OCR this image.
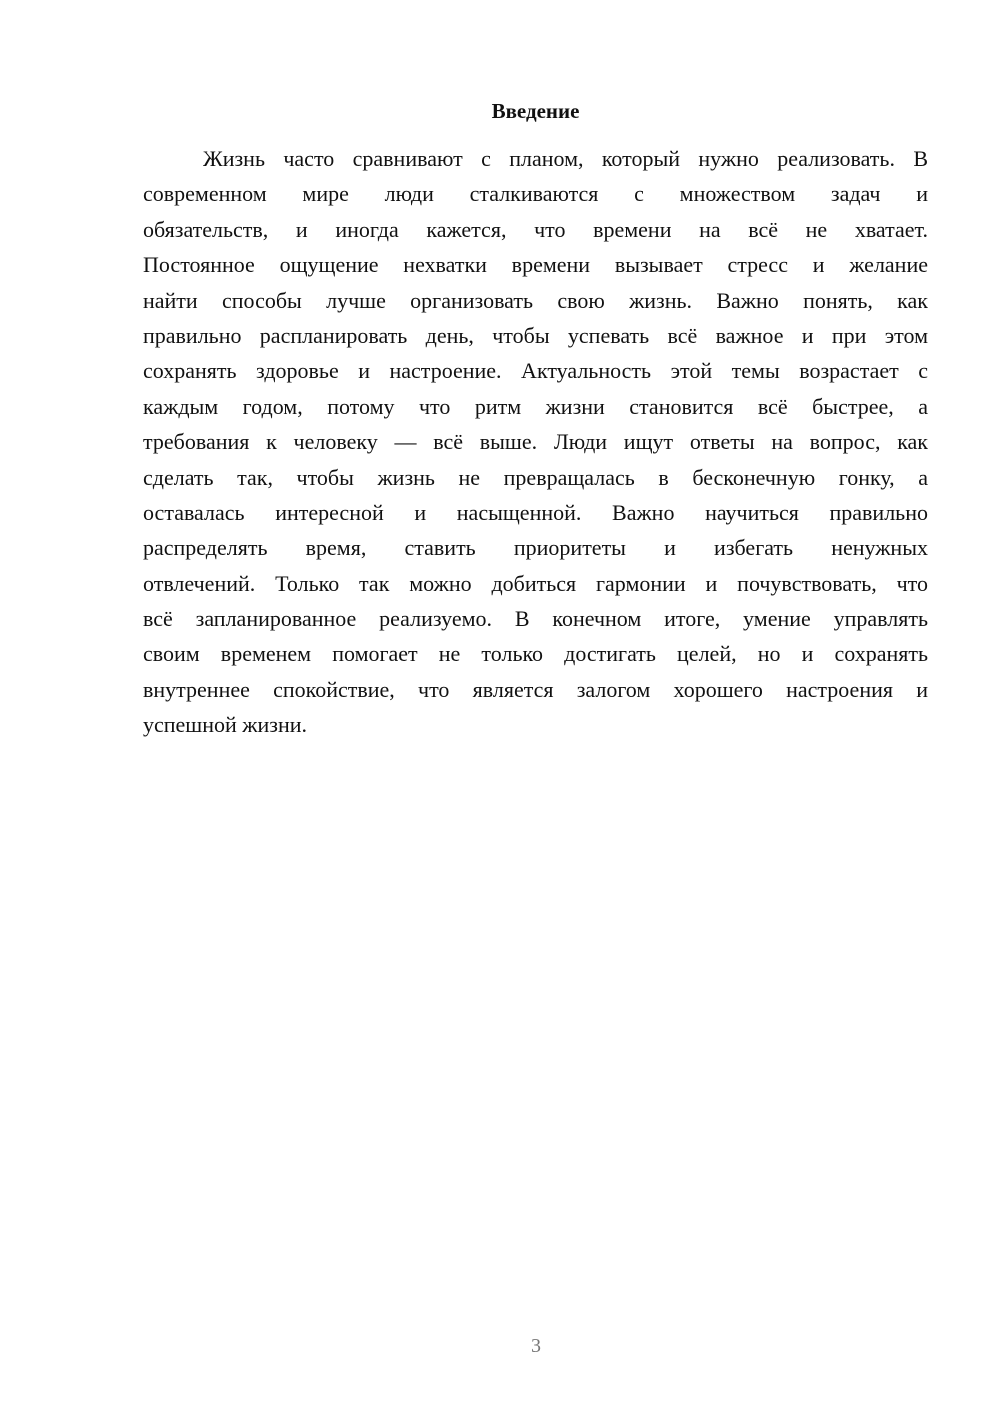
Введение
Жизнь часто сравнивают с планом, который нужно реализовать. В
современном мире люди сталкиваются с множеством задач и
обязательств, и иногда кажется, что времени на всё не хватает.
Постоянное ощущение нехватки времени вызывает стресс и желание
найти способы лучше организовать свою жизнь. Важно понять, как
правильно распланировать день, чтобы успевать всё важное и при этом
сохранять здоровье и настроение. Актуальность этой темы возрастает с
каждым годом, потому что ритм жизни становится всё быстрее, а
требования к человеку — всё выше. Люди ищут ответы на вопрос, как
сделать так, чтобы жизнь не превращалась в бесконечную гонку, а
оставалась интересной и насыщенной. Важно научиться правильно
распределять время, ставить приоритеты и избегать ненужных
отвлечений. Только так можно добиться гармонии и почувствовать, что
всё запланированное реализуемо. В конечном итоге, умение управлять
своим временем помогает не только достигать целей, но и сохранять
внутреннее спокойствие, что является залогом хорошего настроения и
успешной жизни.
3
